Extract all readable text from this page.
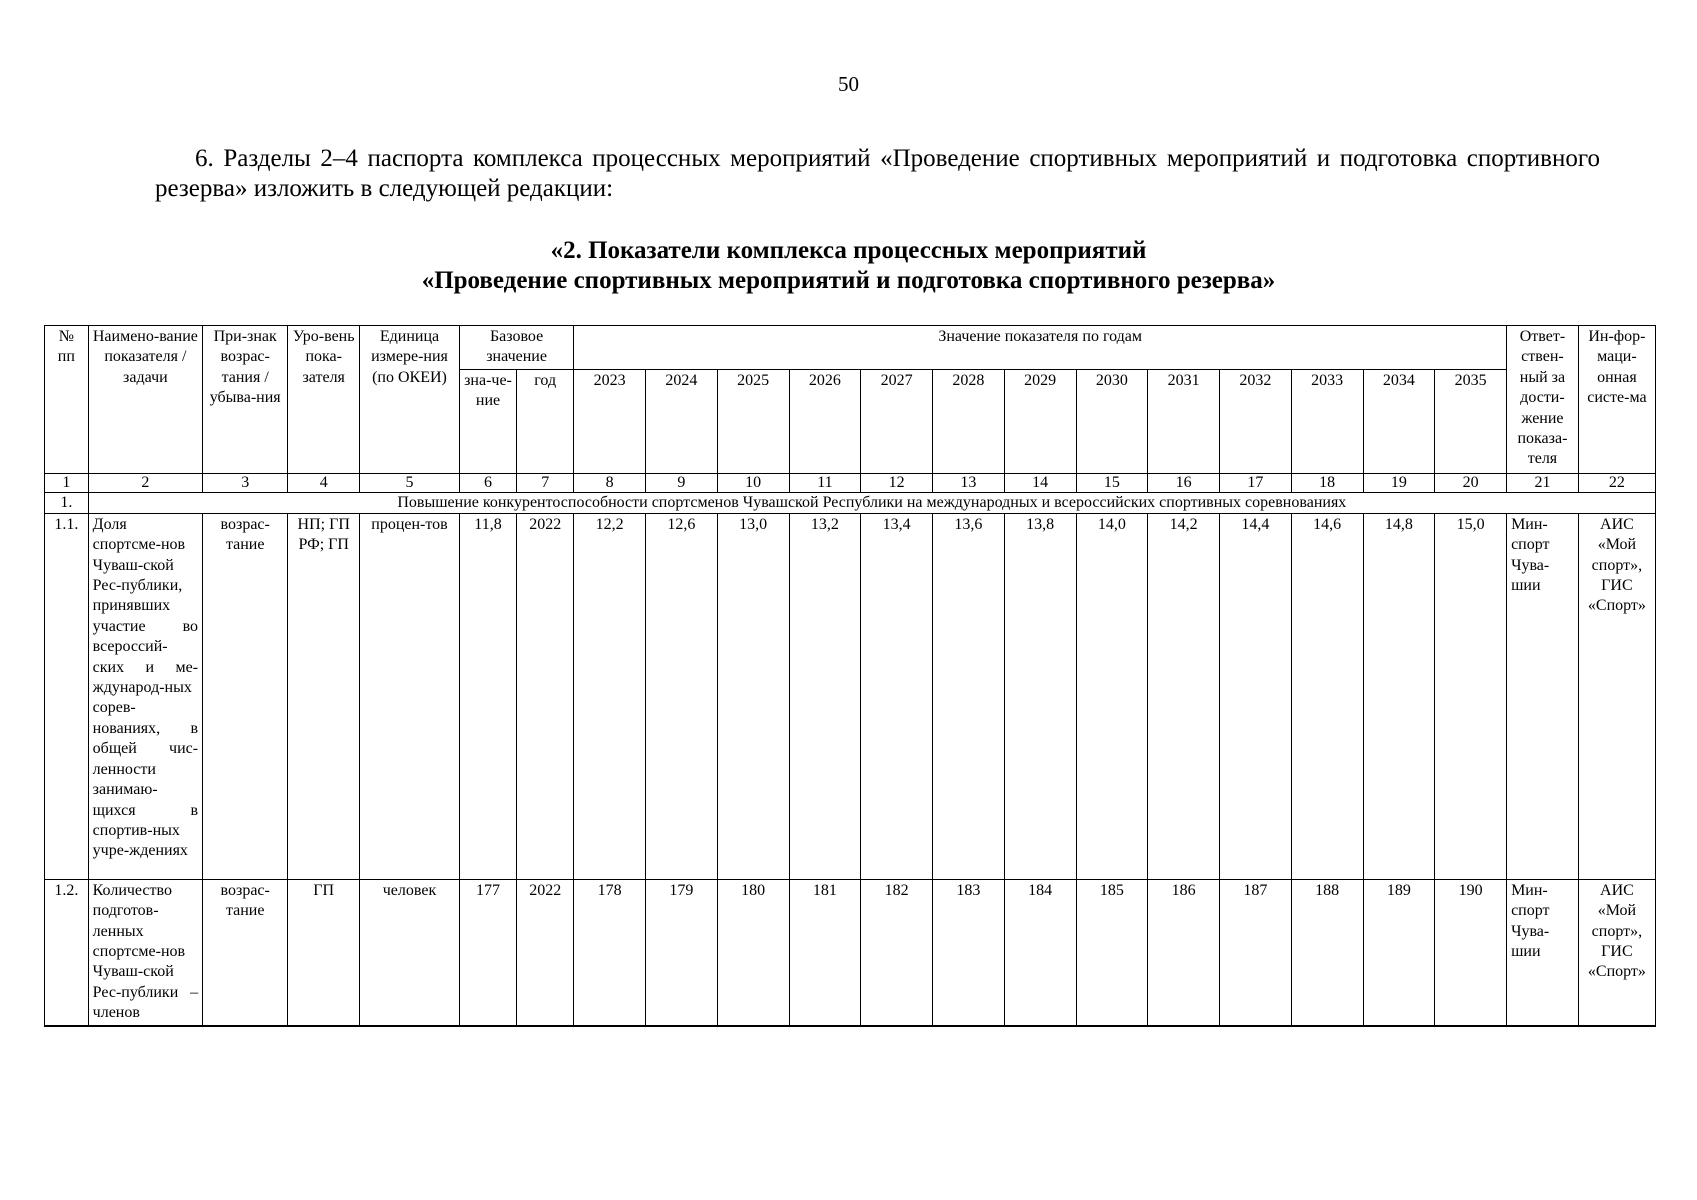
50
6. Разделы 2–4 паспорта комплекса процессных мероприятий «Проведение спортивных мероприятий и подготовка спортивного резерва» изложить в следующей редакции:
«2. Показатели комплекса процессных мероприятий
«Проведение спортивных мероприятий и подготовка спортивного резерва»
№ пп	Наимено-вание показателя / задачи	При-знак возрас-тания / убыва-ния	Уро-вень пока-зателя	Единица измере-ния (по ОКЕИ)	Базовое значение		Значение показателя по годам													Ответ-ствен-ный за дости-жение показа-теля	Ин-фор-маци-онная систе-ма
					зна-че-ние	год	2023	2024	2025	2026	2027	2028	2029	2030	2031	2032	2033	2034	2035		
1	2	3	4	5	6	7	8	9	10	11	12	13	14	15	16	17	18	19	20	21	22
1.	Повышение конкурентоспособности спортсменов Чувашской Республики на международных и всероссийских спортивных соревнованиях																				
1.1.	Доля спортсме-нов Чуваш-ской Рес-публики, принявших участие во всероссий-ских и ме-ждународ-ных сорев-нованиях, в общей чис-ленности занимаю-щихся в спортив-ных учре-ждениях	возрас-тание	НП; ГП РФ; ГП	процен-тов	11,8	2022	12,2	12,6	13,0	13,2	13,4	13,6	13,8	14,0	14,2	14,4	14,6	14,8	15,0	Мин-спорт Чува-шии	АИС «Мой спорт», ГИС «Спорт»
1.2.	Количество подготов-ленных спортсме-нов Чуваш-ской Рес-публики – членов	возрас-тание	ГП	человек	177	2022	178	179	180	181	182	183	184	185	186	187	188	189	190	Мин-спорт Чува-шии	АИС «Мой спорт», ГИС «Спорт»
